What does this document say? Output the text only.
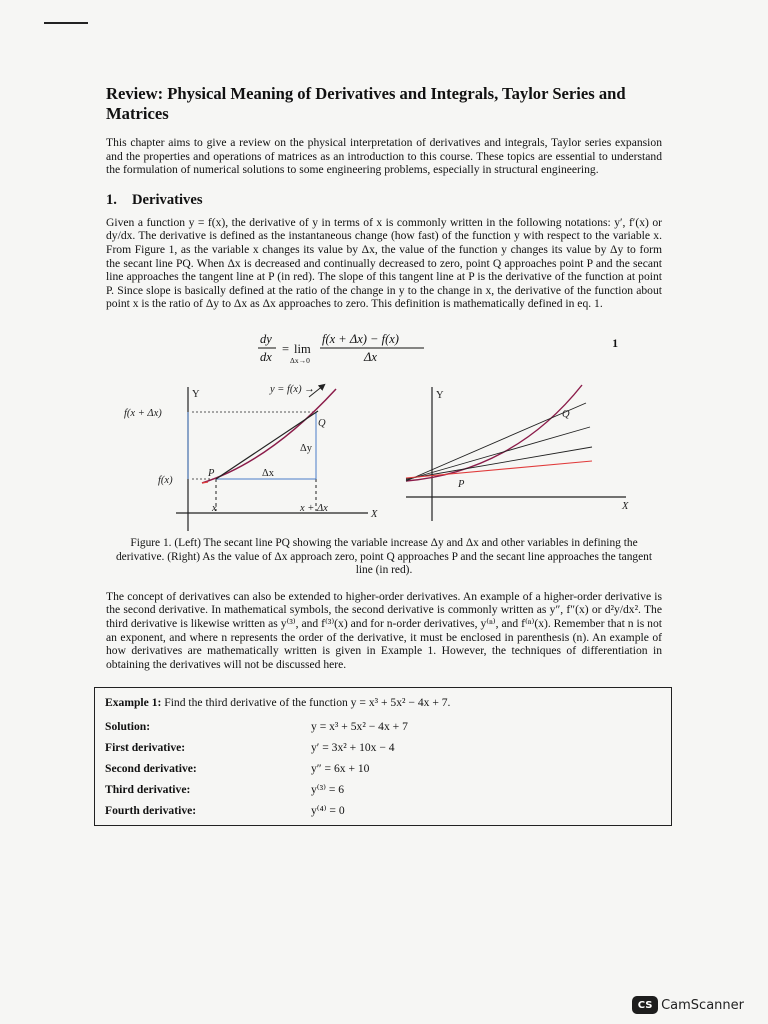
Review: Physical Meaning of Derivatives and Integrals, Taylor Series and Matrices

This chapter aims to give a review on the physical interpretation of derivatives and integrals, Taylor series expansion and the properties and operations of matrices as an introduction to this course. These topics are essential to understand the formulation of numerical solutions to some engineering problems, especially in structural engineering.

1. Derivatives

Given a function y = f(x), the derivative of y in terms of x is commonly written in the following notations: y′, f′(x) or dy/dx. The derivative is defined as the instantaneous change (how fast) of the function y with respect to the variable x. From Figure 1, as the variable x changes its value by Δx, the value of the function y changes its value by Δy to form the secant line PQ. When Δx is decreased and continually decreased to zero, point Q approaches point P and the secant line approaches the tangent line at P (in red). The slope of this tangent line at P is the derivative of the function at point P. Since slope is basically defined at the ratio of the change in y to the change in x, the derivative of the function about point x is the ratio of Δy to Δx as Δx approaches to zero. This definition is mathematically defined in eq. 1.

dy
dx
= lim
Δx→0
f(x + Δx) − f(x)
Δx
1
Y	y = f(x) →
f(x + Δx)
f(x)
P
Q
Δx
Δy
x	x + Δx
X
Y
P
Q
X

Figure 1. (Left) The secant line PQ showing the variable increase Δy and Δx and other variables in defining the derivative. (Right) As the value of Δx approach zero, point Q approaches P and the secant line approaches the tangent line (in red).

The concept of derivatives can also be extended to higher-order derivatives. An example of a higher-order derivative is the second derivative. In mathematical symbols, the second derivative is commonly written as y″, f″(x) or d²y/dx². The third derivative is likewise written as y⁽³⁾, and f⁽³⁾(x) and for n-order derivatives, y⁽ⁿ⁾, and f⁽ⁿ⁾(x). Remember that n is not an exponent, and where n represents the order of the derivative, it must be enclosed in parenthesis (n). An example of how derivatives are mathematically written is given in Example 1. However, the techniques of differentiation in obtaining the derivatives will not be discussed here.

Example 1: Find the third derivative of the function y = x³ + 5x² − 4x + 7.
Solution:	y = x³ + 5x² − 4x + 7
First derivative:	y′ = 3x² + 10x − 4
Second derivative:	y″ = 6x + 10
Third derivative:	y⁽³⁾ = 6
Fourth derivative:	y⁽⁴⁾ = 0
CS CamScanner
